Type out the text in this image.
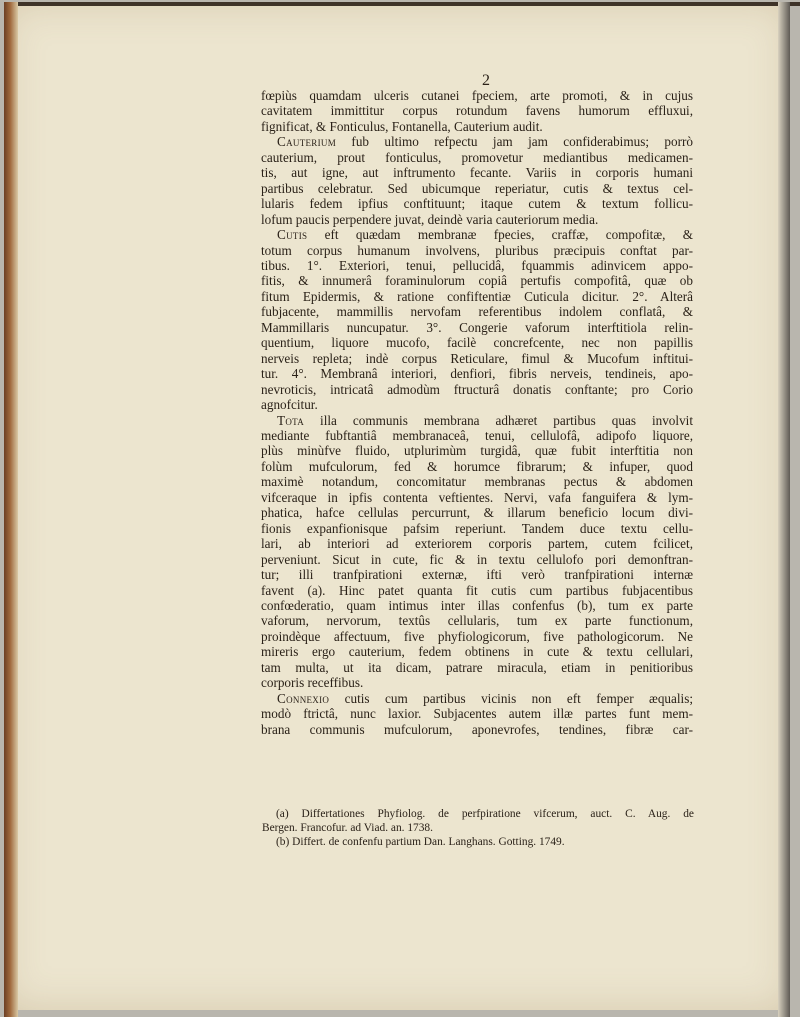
2
fœpiùs quamdam ulceris cutanei fpeciem, arte promoti, & in cujus
cavitatem immittitur corpus rotundum favens humorum effluxui,
fignificat, & Fonticulus, Fontanella, Cauterium audit.
Cauterium fub ultimo refpectu jam jam confiderabimus; porrò
cauterium, prout fonticulus, promovetur mediantibus medicamen-
tis, aut igne, aut inftrumento fecante. Variis in corporis humani
partibus celebratur. Sed ubicumque reperiatur, cutis & textus cel-
lularis fedem ipfius conftituunt; itaque cutem & textum follicu-
lofum paucis perpendere juvat, deindè varia cauteriorum media.
Cutis eft quædam membranæ fpecies, craffæ, compofitæ, &
totum corpus humanum involvens, pluribus præcipuis conftat par-
tibus. 1°. Exteriori, tenui, pellucidâ, fquammis adinvicem appo-
fitis, & innumerâ foraminulorum copiâ pertufis compofitâ, quæ ob
fitum Epidermis, & ratione confiftentiæ Cuticula dicitur. 2°. Alterâ
fubjacente, mammillis nervofam referentibus indolem conflatâ, &
Mammillaris nuncupatur. 3°. Congerie vaforum interftitiola relin-
quentium, liquore mucofo, facilè concrefcente, nec non papillis
nerveis repleta; indè corpus Reticulare, fimul & Mucofum inftitui-
tur. 4°. Membranâ interiori, denfiori, fibris nerveis, tendineis, apo-
nevroticis, intricatâ admodùm ftructurâ donatis conftante; pro Corio
agnofcitur.
Tota illa communis membrana adhæret partibus quas involvit
mediante fubftantiâ membranaceâ, tenui, cellulofâ, adipofo liquore,
plùs minùfve fluido, utplurimùm turgidâ, quæ fubit interftitia non
folùm mufculorum, fed & horumce fibrarum; & infuper, quod
maximè notandum, concomitatur membranas pectus & abdomen
vifceraque in ipfis contenta veftientes. Nervi, vafa fanguifera & lym-
phatica, hafce cellulas percurrunt, & illarum beneficio locum divi-
fionis expanfionisque pafsim reperiunt. Tandem duce textu cellu-
lari, ab interiori ad exteriorem corporis partem, cutem fcilicet,
perveniunt. Sicut in cute, fic & in textu cellulofo pori demonftran-
tur; illi tranfpirationi externæ, ifti verò tranfpirationi internæ
favent (a). Hinc patet quanta fit cutis cum partibus fubjacentibus
confœderatio, quam intimus inter illas confenfus (b), tum ex parte
vaforum, nervorum, textûs cellularis, tum ex parte functionum,
proindèque affectuum, five phyfiologicorum, five pathologicorum. Ne
mireris ergo cauterium, fedem obtinens in cute & textu cellulari,
tam multa, ut ita dicam, patrare miracula, etiam in penitioribus
corporis receffibus.
Connexio cutis cum partibus vicinis non eft femper æqualis;
modò ftrictâ, nunc laxior. Subjacentes autem illæ partes funt mem-
brana communis mufculorum, aponevrofes, tendines, fibræ car-
(a) Differtationes Phyfiolog. de perfpiratione vifcerum, auct. C. Aug. de
Bergen. Francofur. ad Viad. an. 1738.
(b) Differt. de confenfu partium Dan. Langhans. Gotting. 1749.
